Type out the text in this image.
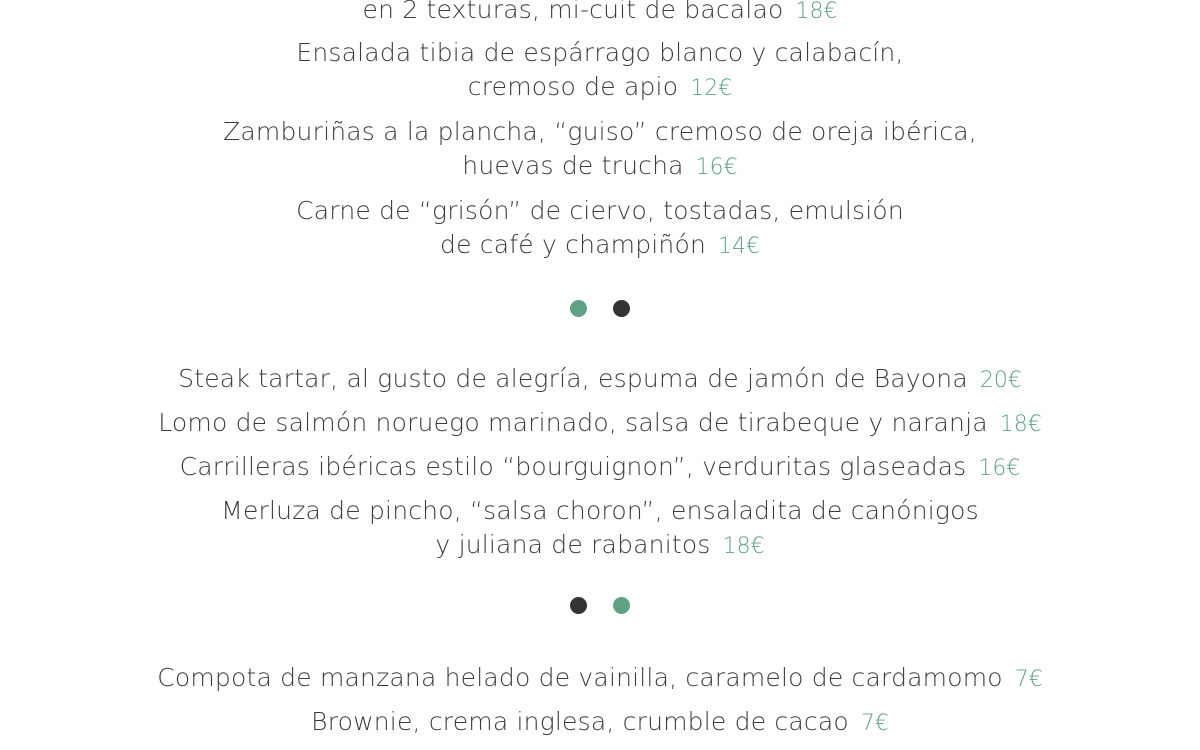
en 2 texturas, mi-cuit de bacalao 18€
Ensalada tibia de espárrago blanco y calabacín,
cremoso de apio 12€
Zamburiñas a la plancha, “guiso” cremoso de oreja ibérica,
huevas de trucha 16€
Carne de “grisón” de ciervo, tostadas, emulsión
de café y champiñón 14€
Steak tartar, al gusto de alegría, espuma de jamón de Bayona 20€
Lomo de salmón noruego marinado, salsa de tirabeque y naranja 18€
Carrilleras ibéricas estilo “bourguignon”, verduritas glaseadas 16€
Merluza de pincho, “salsa choron”, ensaladita de canónigos
y juliana de rabanitos 18€
Compota de manzana helado de vainilla, caramelo de cardamomo 7€
Brownie, crema inglesa, crumble de cacao 7€
